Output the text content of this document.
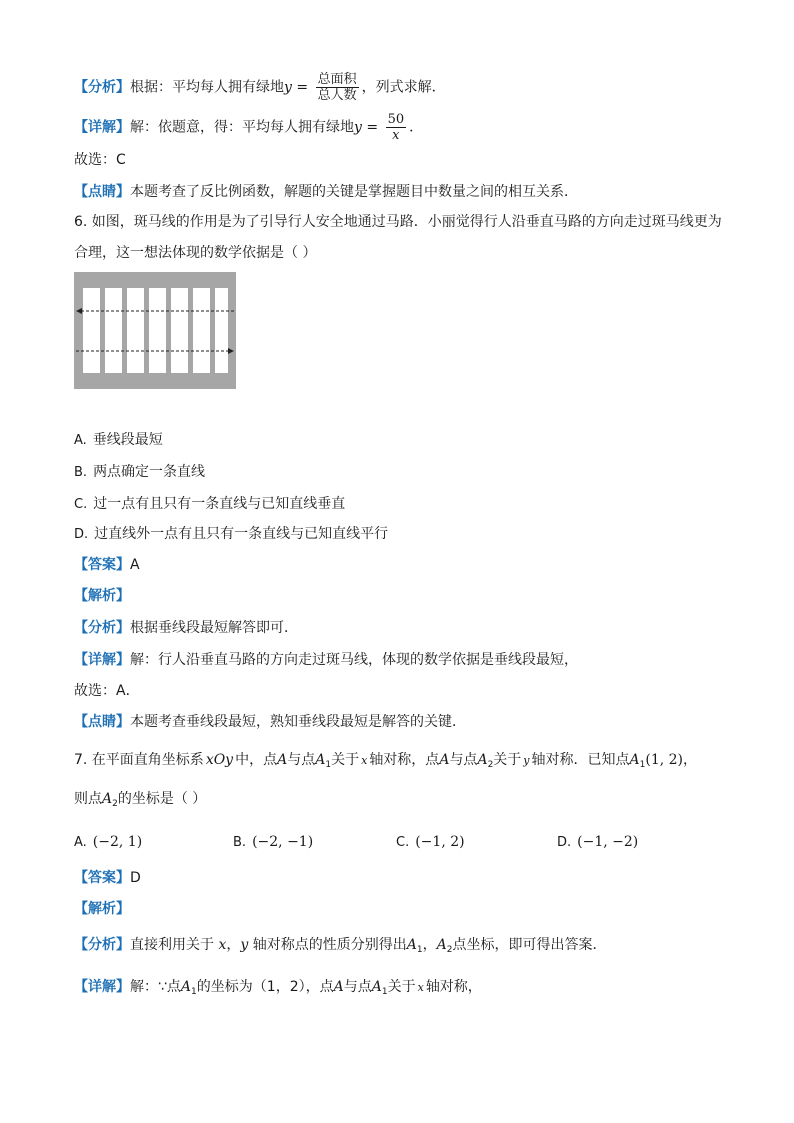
【分析】根据：平均每人拥有绿地$y = \frac{\text{总面积}}{\text{总人数}}$ ，列式求解．
【详解】解：依题意，得：平均每人拥有绿地$y = \frac{50}{x}$ ．
故选：C
【点睛】本题考查了反比例函数，解题的关键是掌握题目中数量之间的相互关系．
6. 如图，斑马线的作用是为了引导行人安全地通过马路．小丽觉得行人沿垂直马路的方向走过斑马线更为
合理，这一想法体现的数学依据是（ ）
A. 垂线段最短
B. 两点确定一条直线
C. 过一点有且只有一条直线与已知直线垂直
D. 过直线外一点有且只有一条直线与已知直线平行
【答案】A
【解析】
【分析】根据垂线段最短解答即可．
【详解】解：行人沿垂直马路的方向走过斑马线，体现的数学依据是垂线段最短，
故选：A．
【点睛】本题考查垂线段最短，熟知垂线段最短是解答的关键．
7. 在平面直角坐标系 xOy 中，点A与点$A_1$关于 x 轴对称，点A与点$A_2$关于 y 轴对称．已知点$A_1(1$, 2)，
则点$A_2$的坐标是（ ）
A. (−2, 1)	B. (−2, −1)	C. (−1, 2)	D. (−1, −2)
【答案】D
【解析】
【分析】直接利用关于 x，y 轴对称点的性质分别得出$A_1$，$A_2$点坐标，即可得出答案．
【详解】解：∵点$A_1$的坐标为（1，2），点A与点$A_1$关于 x 轴对称，
